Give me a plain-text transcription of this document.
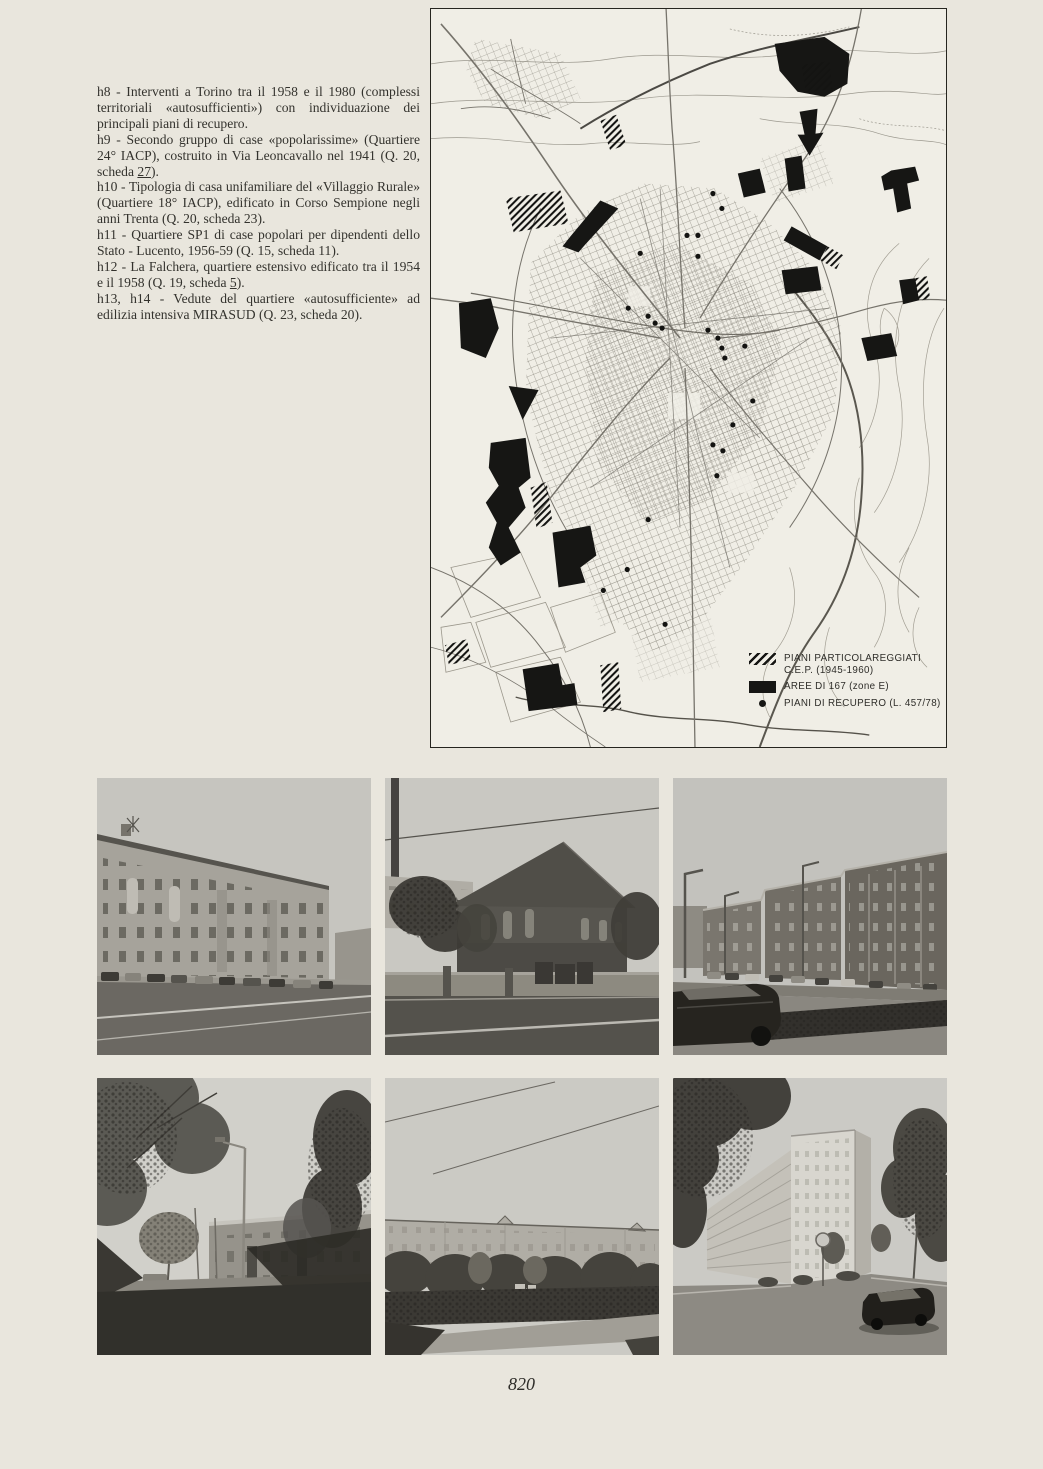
h8 - Interventi a Torino tra il 1958 e il 1980 (complessi territoriali «autosufficienti») con individuazione dei principali piani di recupero.

h9 - Secondo gruppo di case «popolarissime» (Quartiere 24° IACP), costruito in Via Leoncavallo nel 1941 (Q. 20, scheda 27).

h10 - Tipologia di casa unifamiliare del «Villaggio Rurale» (Quartiere 18° IACP), edificato in Corso Sempione negli anni Trenta (Q. 20, scheda 23).

h11 - Quartiere SP1 di case popolari per dipendenti dello Stato - Lucento, 1956-59 (Q. 15, scheda 11).

h12 - La Falchera, quartiere estensivo edificato tra il 1954 e il 1958 (Q. 19, scheda 5).

h13, h14 - Vedute del quartiere «autosufficiente» ad edilizia intensiva MIRASUD (Q. 23, scheda 20).

PIANI PARTICOLAREGGIATI
C.E.P. (1945-1960)
AREE DI 167 (zone E)
PIANI DI RECUPERO (L. 457/78)
820
